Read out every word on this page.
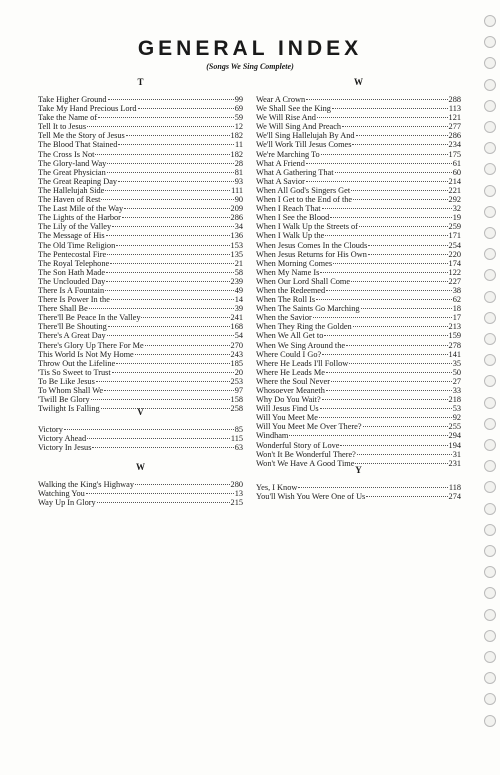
GENERAL INDEX
(Songs We Sing Complete)
T
Take Higher Ground	99
Take My Hand Precious Lord	69
Take the Name of	59
Tell It to Jesus	12
Tell Me the Story of Jesus	182
The Blood That Stained	11
The Cross Is Not	182
The Glory-land Way	28
The Great Physician	81
The Great Reaping Day	93
The Hallelujah Side	111
The Haven of Rest	90
The Last Mile of the Way	209
The Lights of the Harbor	286
The Lily of the Valley	34
The Message of His	136
The Old Time Religion	153
The Pentecostal Fire	135
The Royal Telephone	21
The Son Hath Made	58
The Unclouded Day	239
There Is A Fountain	49
There Is Power In the	14
There Shall Be	39
There'll Be Peace In the Valley	241
There'll Be Shouting	168
There's A Great Day	54
There's Glory Up There For Me	270
This World Is Not My Home	243
Throw Out the Lifeline	185
'Tis So Sweet to Trust	20
To Be Like Jesus	253
To Whom Shall We	97
'Twill Be Glory	158
Twilight Is Falling	258
V
Victory	85
Victory Ahead	115
Victory In Jesus	63
W
Walking the King's Highway	280
Watching You	13
Way Up In Glory	215
W
Wear A Crown	288
We Shall See the King	113
We Will Rise And	121
We Will Sing And Preach	277
We'll Sing Hallelujah By And	286
We'll Work Till Jesus Comes	234
We're Marching To	175
What A Friend	61
What A Gathering That	60
What A Savior	214
When All God's Singers Get	221
When I Get to the End of the	292
When I Reach That	32
When I See the Blood	19
When I Walk Up the Streets of	259
When I Walk Up the	171
When Jesus Comes In the Clouds	254
When Jesus Returns for His Own	220
When Morning Comes	174
When My Name Is	122
When Our Lord Shall Come	227
When the Redeemed	38
When The Roll Is	62
When The Saints Go Marching	18
When the Savior	17
When They Ring the Golden	213
When We All Get to	159
When We Sing Around the	278
Where Could I Go?	141
Where He Leads I'll Follow	35
Where He Leads Me	50
Where the Soul Never	27
Whosoever Meaneth	33
Why Do You Wait?	218
Will Jesus Find Us	53
Will You Meet Me	92
Will You Meet Me Over There?	255
Windham	294
Wonderful Story of Love	194
Won't It Be Wonderful There?	31
Won't We Have A Good Time	231
Y
Yes, I Know	118
You'll Wish You Were One of Us	274
